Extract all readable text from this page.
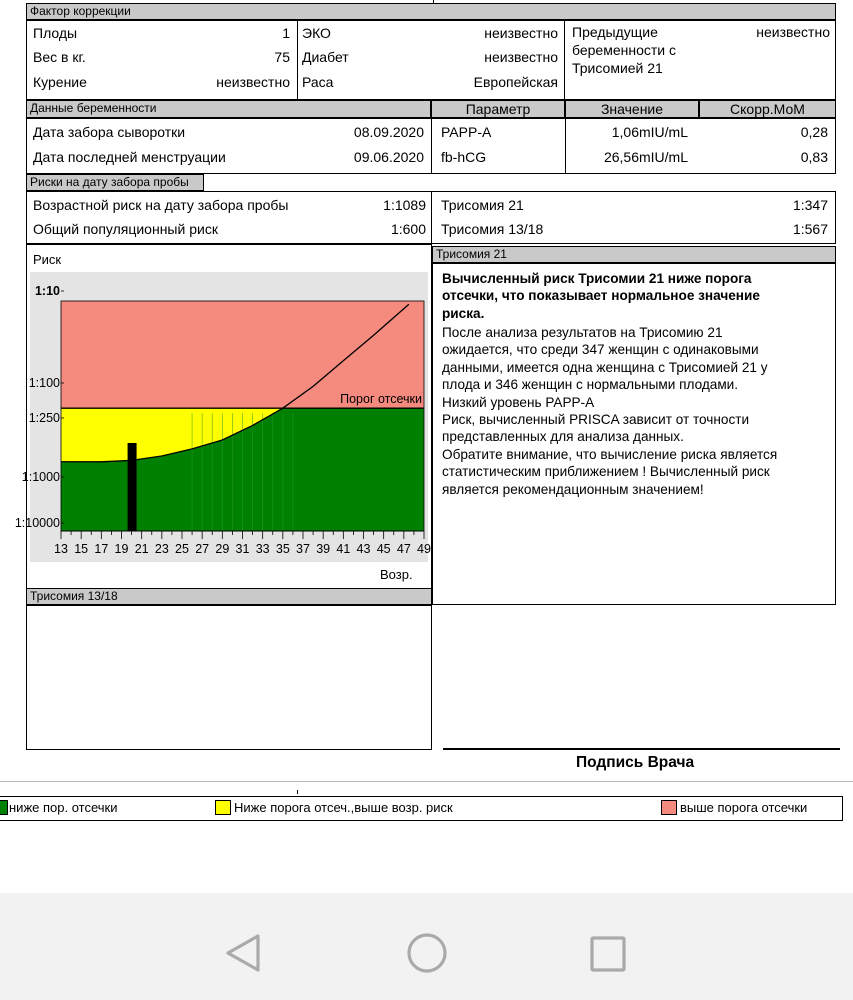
Фактор коррекции
Плоды	1
Вес в кг.	75
Курение	неизвестно
ЭКО	неизвестно
Диабет	неизвестно
Раса	Европейская
Предыдущие
беременности с
Трисомией 21
неизвестно
Данные беременности	Параметр	Значение	Скорр.МоМ
Дата забора сыворотки	08.09.2020
Дата последней менструации	09.06.2020
PAPP-A	1,06mIU/mL	0,28
fb-hCG	26,56mIU/mL	0,83
Риски на дату забора пробы
Возрастной риск на дату забора пробы	1:1089
Общий популяционный риск	1:600
Трисомия 21	1:347
Трисомия 13/18	1:567
Риск
Порог отсечки
1:10
1:100
1:250
1:1000
1:10000
13 15 17 19 21 23 25 27 29 31 33 35 37 39 41 43 45 47 49
Возр.
Трисомия 21
Вычисленный риск Трисомии 21 ниже порога
отсечки, что показывает нормальное значение
риска.
После анализа результатов на Трисомию 21
ожидается, что среди 347 женщин с одинаковыми
данными, имеется одна женщина с Трисомией 21 у
плода и 346 женщин с нормальными плодами.
Низкий уровень PAPP-A
Риск, вычисленный PRISCA зависит от точности
представленных для анализа данных.
Обратите внимание, что вычисление риска является
статистическим приближением ! Вычисленный риск
является рекомендационным значением!
Трисомия 13/18
Подпись Врача
ниже пор. отсечки	Ниже порога отсеч.,выше возр. риск	выше порога отсечки
